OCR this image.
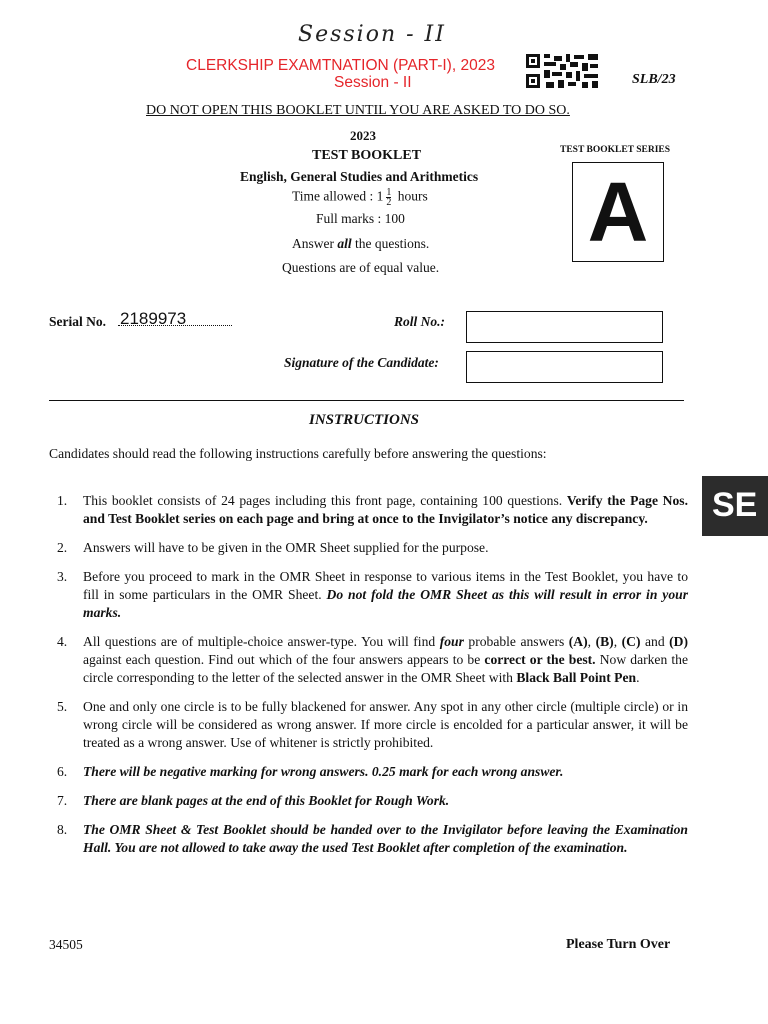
Session - II
CLERKSHIP EXAMTNATION (PART-I), 2023
Session - II	SLB/23
DO NOT OPEN THIS BOOKLET UNTIL YOU ARE ASKED TO DO SO.
2023
TEST BOOKLET
English, General Studies and Arithmetics
Time allowed : $1 \frac{1}{2}$ hours
Full marks : 100
Answer all the questions.
Questions are of equal value.
TEST BOOKLET SERIES
A
Serial No. 2189973	Roll No.:
Signature of the Candidate:
INSTRUCTIONS
Candidates should read the following instructions carefully before answering the questions:
1. This booklet consists of 24 pages including this front page, containing 100 questions. Verify the Page Nos. and Test Booklet series on each page and bring at once to the Invigilator’s notice any discrepancy.
2. Answers will have to be given in the OMR Sheet supplied for the purpose.
3. Before you proceed to mark in the OMR Sheet in response to various items in the Test Booklet, you have to fill in some particulars in the OMR Sheet. Do not fold the OMR Sheet as this will result in error in your marks.
4. All questions are of multiple-choice answer-type. You will find four probable answers (A), (B), (C) and (D) against each question. Find out which of the four answers appears to be correct or the best. Now darken the circle corresponding to the letter of the selected answer in the OMR Sheet with Black Ball Point Pen.
5. One and only one circle is to be fully blackened for answer. Any spot in any other circle (multiple circle) or in wrong circle will be considered as wrong answer. If more circle is encolded for a particular answer, it will be treated as a wrong answer. Use of whitener is strictly prohibited.
6. There will be negative marking for wrong answers. 0.25 mark for each wrong answer.
7. There are blank pages at the end of this Booklet for Rough Work.
8. The OMR Sheet & Test Booklet should be handed over to the Invigilator before leaving the Examination Hall. You are not allowed to take away the used Test Booklet after completion of the examination.
SE
34505	Please Turn Over
